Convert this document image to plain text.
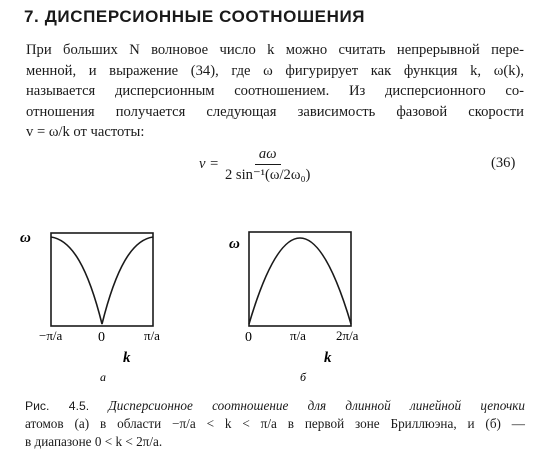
7. ДИСПЕРСИОННЫЕ СООТНОШЕНИЯ
При больших N волновое число k можно считать непрерывной пере-
менной, и выражение (34), где ω фигурирует как функция k, ω(k),
называется дисперсионным соотношением. Из дисперсионного со-
отношения получается следующая зависимость фазовой скорости
v = ω/k от частоты:
$v = \frac{a\omega}{\text{2 sin⁻¹(ω/2ω₀)}}$	(36)
ω
−π/a	0	π/a
k
а
ω
0	π/a 2π/a
k
б
Рис. 4.5. Дисперсионное соотношение для длинной линейной цепочки
атомов (а) в области −π/a < k < π/a в первой зоне Бриллюэна, и (б) —
в диапазоне 0 < k < 2π/a.
